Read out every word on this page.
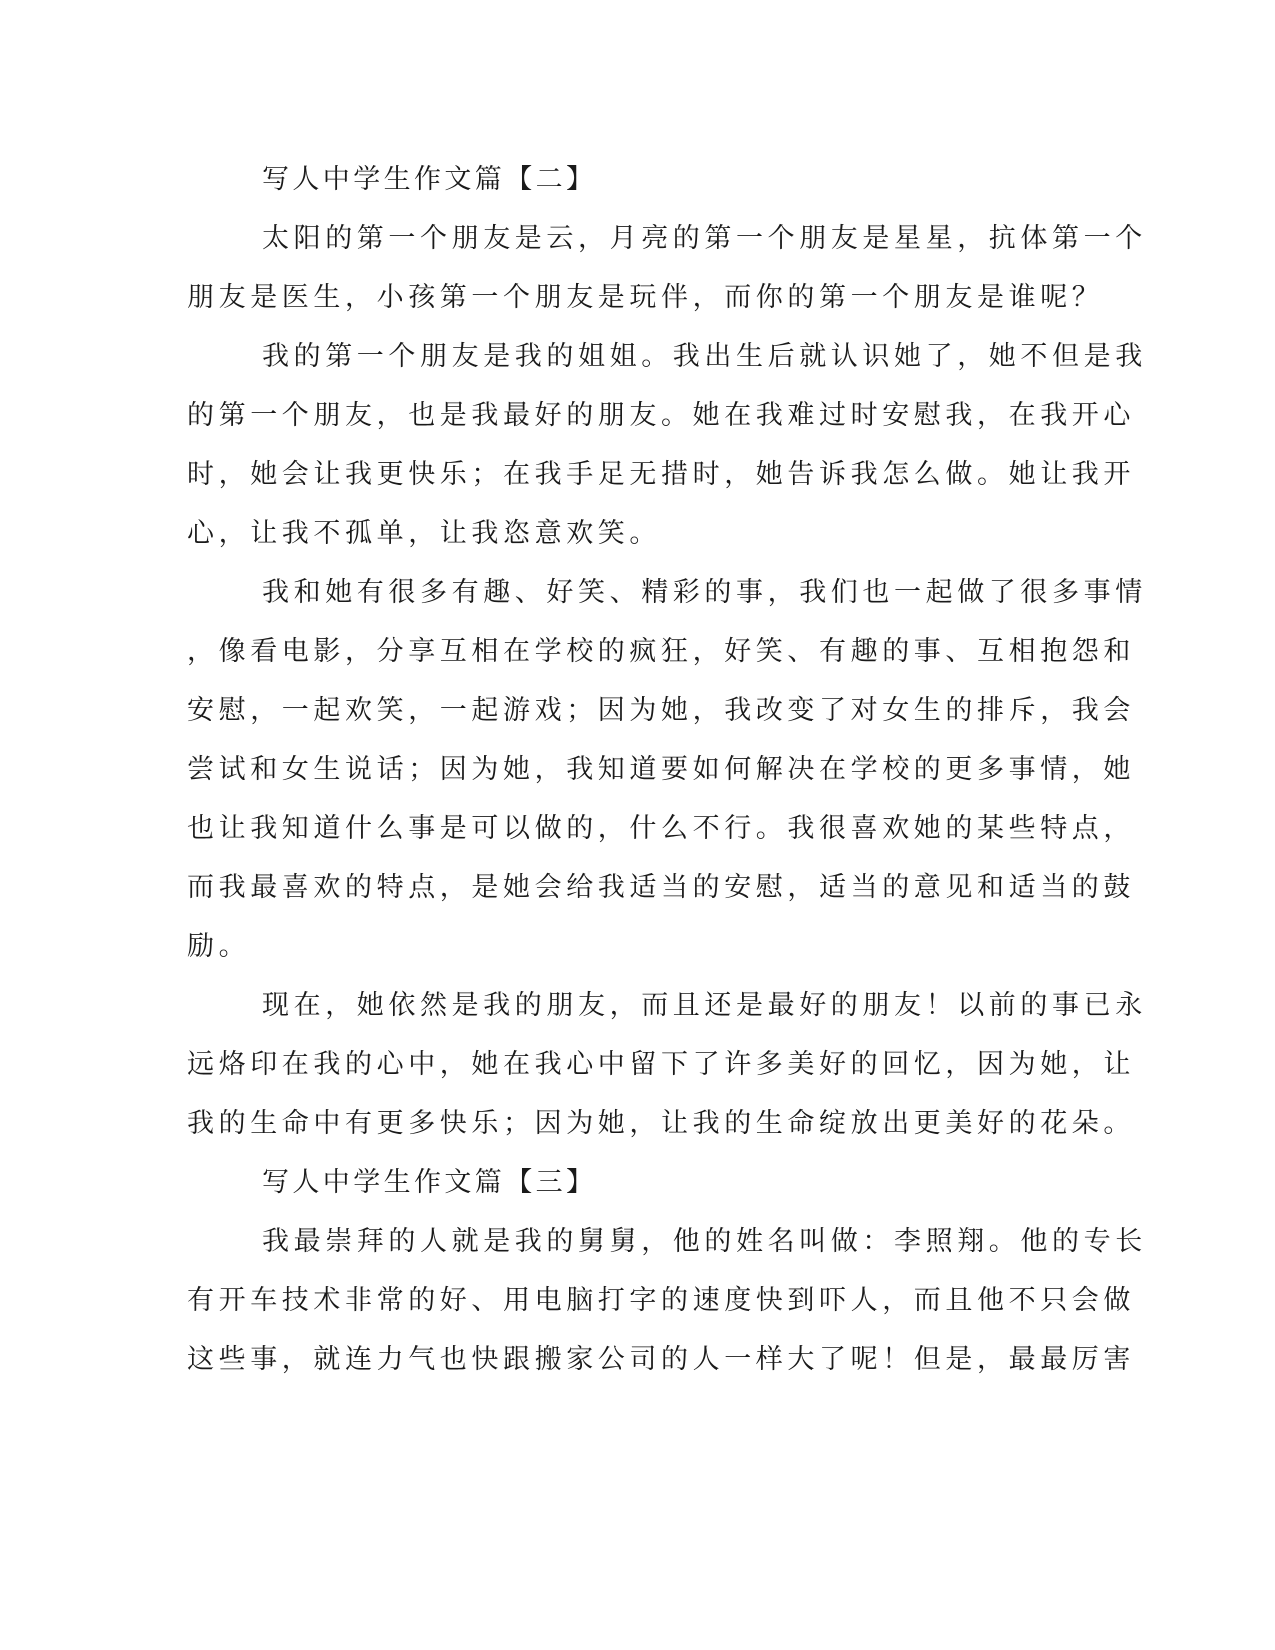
写人中学生作文篇【二】
太阳的第一个朋友是云，月亮的第一个朋友是星星，抗体第一个
朋友是医生，小孩第一个朋友是玩伴，而你的第一个朋友是谁呢？
我的第一个朋友是我的姐姐。我出生后就认识她了，她不但是我
的第一个朋友，也是我最好的朋友。她在我难过时安慰我，在我开心
时，她会让我更快乐；在我手足无措时，她告诉我怎么做。她让我开
心，让我不孤单，让我恣意欢笑。
我和她有很多有趣、好笑、精彩的事，我们也一起做了很多事情
，像看电影，分享互相在学校的疯狂，好笑、有趣的事、互相抱怨和
安慰，一起欢笑，一起游戏；因为她，我改变了对女生的排斥，我会
尝试和女生说话；因为她，我知道要如何解决在学校的更多事情，她
也让我知道什么事是可以做的，什么不行。我很喜欢她的某些特点，
而我最喜欢的特点，是她会给我适当的安慰，适当的意见和适当的鼓
励。
现在，她依然是我的朋友，而且还是最好的朋友！以前的事已永
远烙印在我的心中，她在我心中留下了许多美好的回忆，因为她，让
我的生命中有更多快乐；因为她，让我的生命绽放出更美好的花朵。
写人中学生作文篇【三】
我最崇拜的人就是我的舅舅，他的姓名叫做：李照翔。他的专长
有开车技术非常的好、用电脑打字的速度快到吓人，而且他不只会做
这些事，就连力气也快跟搬家公司的人一样大了呢！但是，最最厉害
